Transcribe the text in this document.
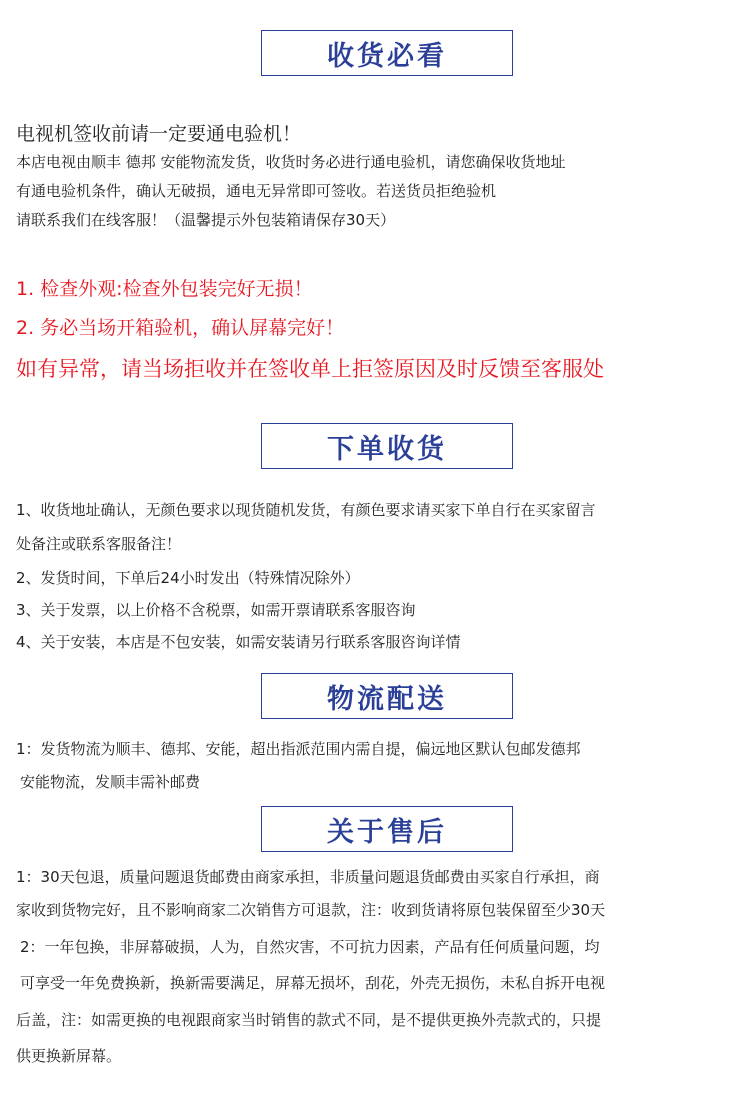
收货必看
电视机签收前请一定要通电验机！
本店电视由顺丰 德邦 安能物流发货，收货时务必进行通电验机，请您确保收货地址
有通电验机条件，确认无破损，通电无异常即可签收。若送货员拒绝验机
请联系我们在线客服！（温馨提示外包装箱请保存30天）
1. 检查外观:检查外包装完好无损！
2. 务必当场开箱验机，确认屏幕完好！
如有异常，请当场拒收并在签收单上拒签原因及时反馈至客服处
下单收货
1、收货地址确认，无颜色要求以现货随机发货，有颜色要求请买家下单自行在买家留言
处备注或联系客服备注！
2、发货时间，下单后24小时发出（特殊情况除外）
3、关于发票，以上价格不含税票，如需开票请联系客服咨询
4、关于安装，本店是不包安装，如需安装请另行联系客服咨询详情
物流配送
1：发货物流为顺丰、德邦、安能，超出指派范围内需自提，偏远地区默认包邮发德邦
安能物流，发顺丰需补邮费
关于售后
1：30天包退，质量问题退货邮费由商家承担，非质量问题退货邮费由买家自行承担，商
家收到货物完好，且不影响商家二次销售方可退款，注：收到货请将原包装保留至少30天
2：一年包换，非屏幕破损，人为，自然灾害，不可抗力因素，产品有任何质量问题，均
可享受一年免费换新，换新需要满足，屏幕无损坏，刮花，外壳无损伤，未私自拆开电视
后盖，注：如需更换的电视跟商家当时销售的款式不同，是不提供更换外壳款式的，只提
供更换新屏幕。
